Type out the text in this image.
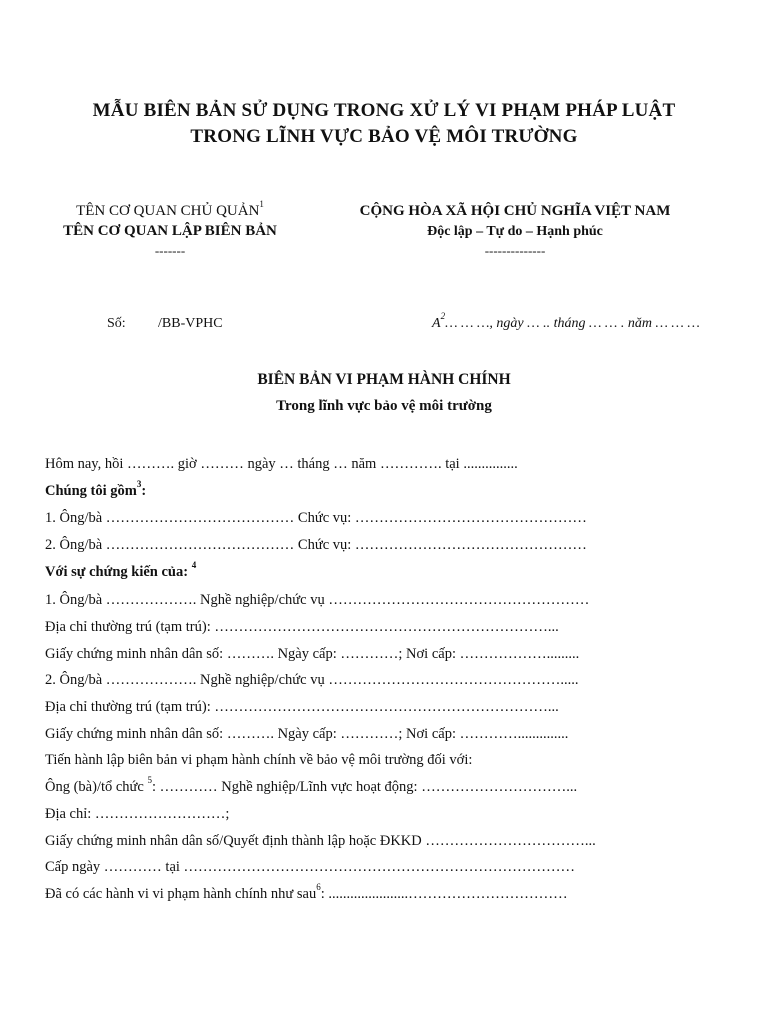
MẪU BIÊN BẢN SỬ DỤNG TRONG XỬ LÝ VI PHẠM PHÁP LUẬT
TRONG LĨNH VỰC BẢO VỆ MÔI TRƯỜNG
TÊN CƠ QUAN CHỦ QUẢN$^1$
TÊN CƠ QUAN LẬP BIÊN BẢN
-------
CỘNG HÒA XÃ HỘI CHỦ NGHĨA VIỆT NAM
Độc lập – Tự do – Hạnh phúc
--------------
Số: /BB-VPHC	$A^2\dots$ … …, ngày … .. tháng … … . năm … … …
BIÊN BẢN VI PHẠM HÀNH CHÍNH
Trong lĩnh vực bảo vệ môi trường
Hôm nay, hồi ………. giờ ……… ngày … tháng … năm …………. tại ...............
Chúng tôi gồm$^3$:
1. Ông/bà ………………………………… Chức vụ: …………………………………………
2. Ông/bà ………………………………… Chức vụ: …………………………………………
Với sự chứng kiến của: $^4$
1. Ông/bà ………………. Nghề nghiệp/chức vụ ………………………………………………
Địa chỉ thường trú (tạm trú): ……………………………………………………………...
Giấy chứng minh nhân dân số: ………. Ngày cấp: …………; Nơi cấp: ……………….........
2. Ông/bà ………………. Nghề nghiệp/chức vụ ………………………………………….....
Địa chỉ thường trú (tạm trú): ……………………………………………………………...
Giấy chứng minh nhân dân số: ………. Ngày cấp: …………; Nơi cấp: …………..............
Tiến hành lập biên bản vi phạm hành chính về bảo vệ môi trường đối với:
Ông (bà)/tổ chức $^5$: ………… Nghề nghiệp/Lĩnh vực hoạt động: …………………………...
Địa chỉ: ………………………;
Giấy chứng minh nhân dân số/Quyết định thành lập hoặc ĐKKD ……………………………...
Cấp ngày ………… tại ………………………………………………………………………
Đã có các hành vi vi phạm hành chính như sau$^6$: ......................……………………………
